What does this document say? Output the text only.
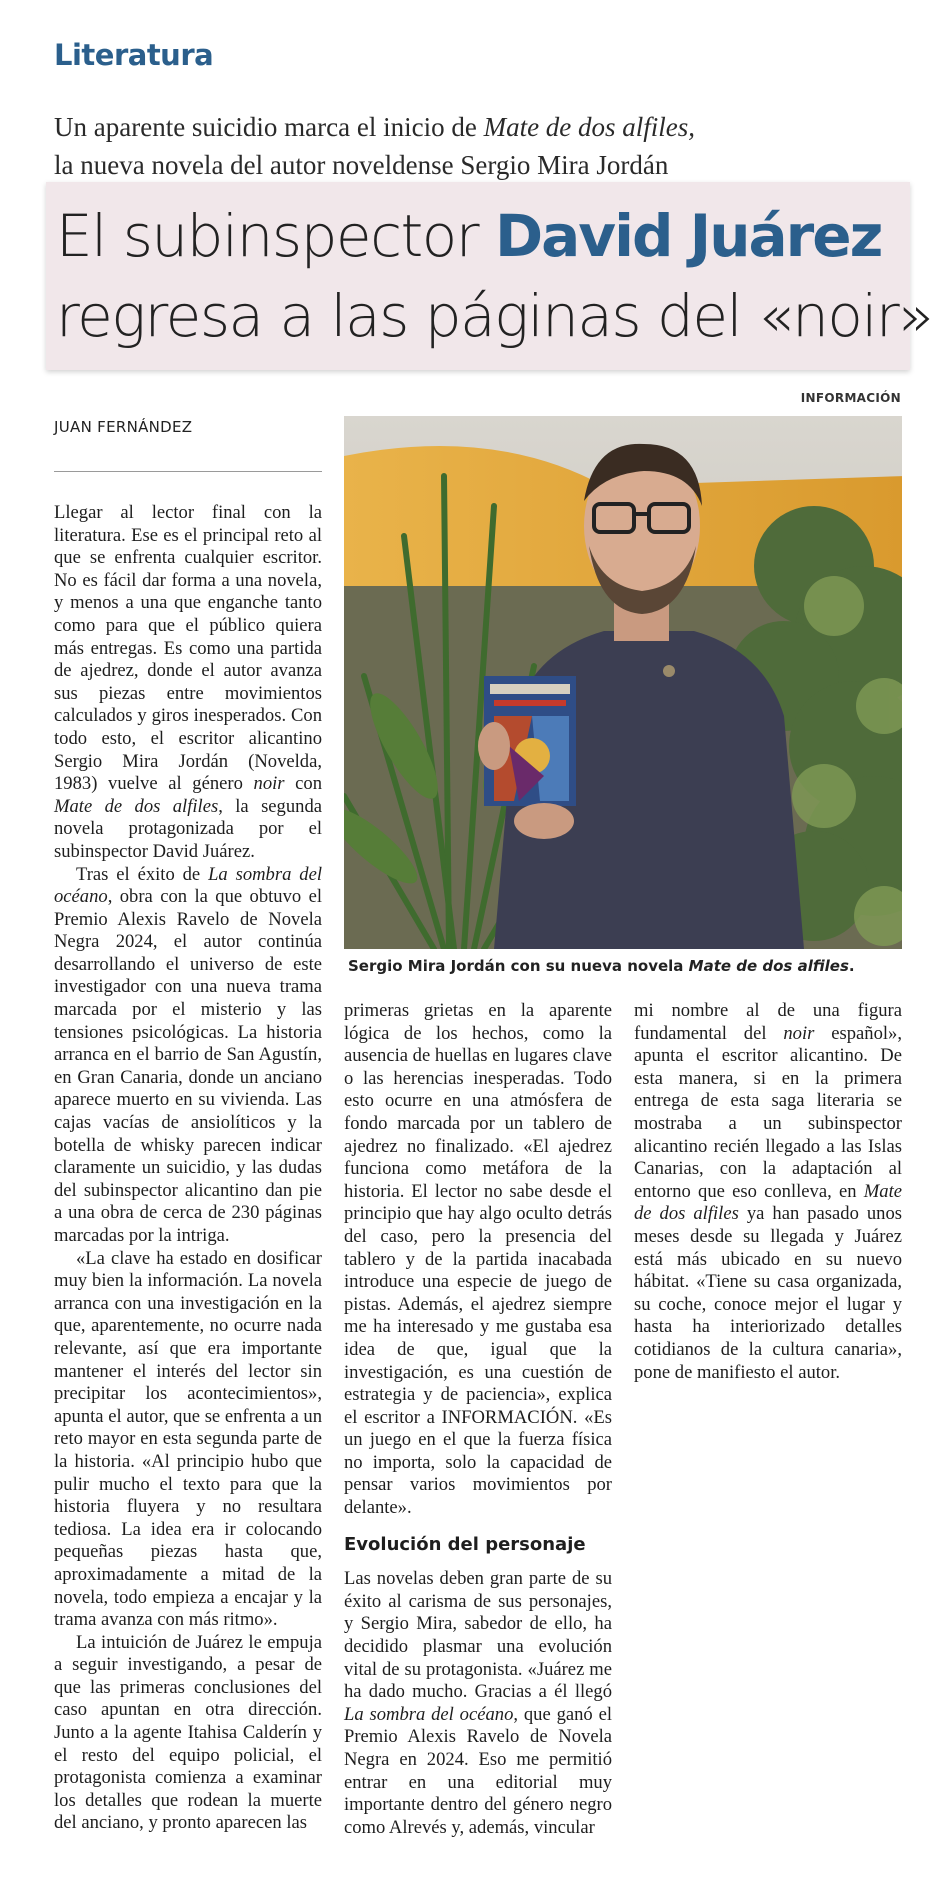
Literatura

Un aparente suicidio marca el inicio de Mate de dos alfiles,

la nueva novela del autor noveldense Sergio Mira Jordán

El subinspector David Juárez
regresa a las páginas del «noir»
INFORMACIÓN
JUAN FERNÁNDEZ
Sergio Mira Jordán con su nueva novela Mate de dos alfiles.

Llegar al lector final con la literatura. Ese es el principal reto al que se enfrenta cualquier escritor. No es fácil dar forma a una novela, y menos a una que enganche tanto como para que el público quiera más entregas. Es como una partida de ajedrez, donde el autor avanza sus piezas entre movimientos calculados y giros inesperados. Con todo esto, el escritor alicantino Sergio Mira Jordán (Novelda, 1983) vuelve al género noir con Mate de dos alfiles, la segunda novela protagonizada por el subinspector David Juárez.

Tras el éxito de La sombra del océano, obra con la que obtuvo el Premio Alexis Ravelo de Novela Negra 2024, el autor continúa desarrollando el universo de este investigador con una nueva trama marcada por el misterio y las tensiones psicológicas. La historia arranca en el barrio de San Agustín, en Gran Canaria, donde un anciano aparece muerto en su vivienda. Las cajas vacías de ansiolíticos y la botella de whisky parecen indicar claramente un suicidio, y las dudas del subinspector alicantino dan pie a una obra de cerca de 230 páginas marcadas por la intriga.

«La clave ha estado en dosificar muy bien la información. La novela arranca con una investigación en la que, aparentemente, no ocurre nada relevante, así que era importante mantener el interés del lector sin precipitar los acontecimientos», apunta el autor, que se enfrenta a un reto mayor en esta segunda parte de la historia. «Al principio hubo que pulir mucho el texto para que la historia fluyera y no resultara tediosa. La idea era ir colocando pequeñas piezas hasta que, aproximadamente a mitad de la novela, todo empieza a encajar y la trama avanza con más ritmo».

La intuición de Juárez le empuja a seguir investigando, a pesar de que las primeras conclusiones del caso apuntan en otra dirección. Junto a la agente Itahisa Calderín y el resto del equipo policial, el protagonista comienza a examinar los detalles que rodean la muerte del anciano, y pronto aparecen las

primeras grietas en la aparente lógica de los hechos, como la ausencia de huellas en lugares clave o las herencias inesperadas. Todo esto ocurre en una atmósfera de fondo marcada por un tablero de ajedrez no finalizado. «El ajedrez funciona como metáfora de la historia. El lector no sabe desde el principio que hay algo oculto detrás del caso, pero la presencia del tablero y de la partida inacabada introduce una especie de juego de pistas. Además, el ajedrez siempre me ha interesado y me gustaba esa idea de que, igual que la investigación, es una cuestión de estrategia y de paciencia», explica el escritor a INFORMACIÓN. «Es un juego en el que la fuerza física no importa, solo la capacidad de pensar varios movimientos por delante».

Evolución del personaje

Las novelas deben gran parte de su éxito al carisma de sus personajes, y Sergio Mira, sabedor de ello, ha decidido plasmar una evolución vital de su protagonista. «Juárez me ha dado mucho. Gracias a él llegó La sombra del océano, que ganó el Premio Alexis Ravelo de Novela Negra en 2024. Eso me permitió entrar en una editorial muy importante dentro del género negro como Alrevés y, además, vincular

mi nombre al de una figura fundamental del noir español», apunta el escritor alicantino. De esta manera, si en la primera entrega de esta saga literaria se mostraba a un subinspector alicantino recién llegado a las Islas Canarias, con la adaptación al entorno que eso conlleva, en Mate de dos alfiles ya han pasado unos meses desde su llegada y Juárez está más ubicado en su nuevo hábitat. «Tiene su casa organizada, su coche, conoce mejor el lugar y hasta ha interiorizado detalles cotidianos de la cultura canaria», pone de manifiesto el autor.
